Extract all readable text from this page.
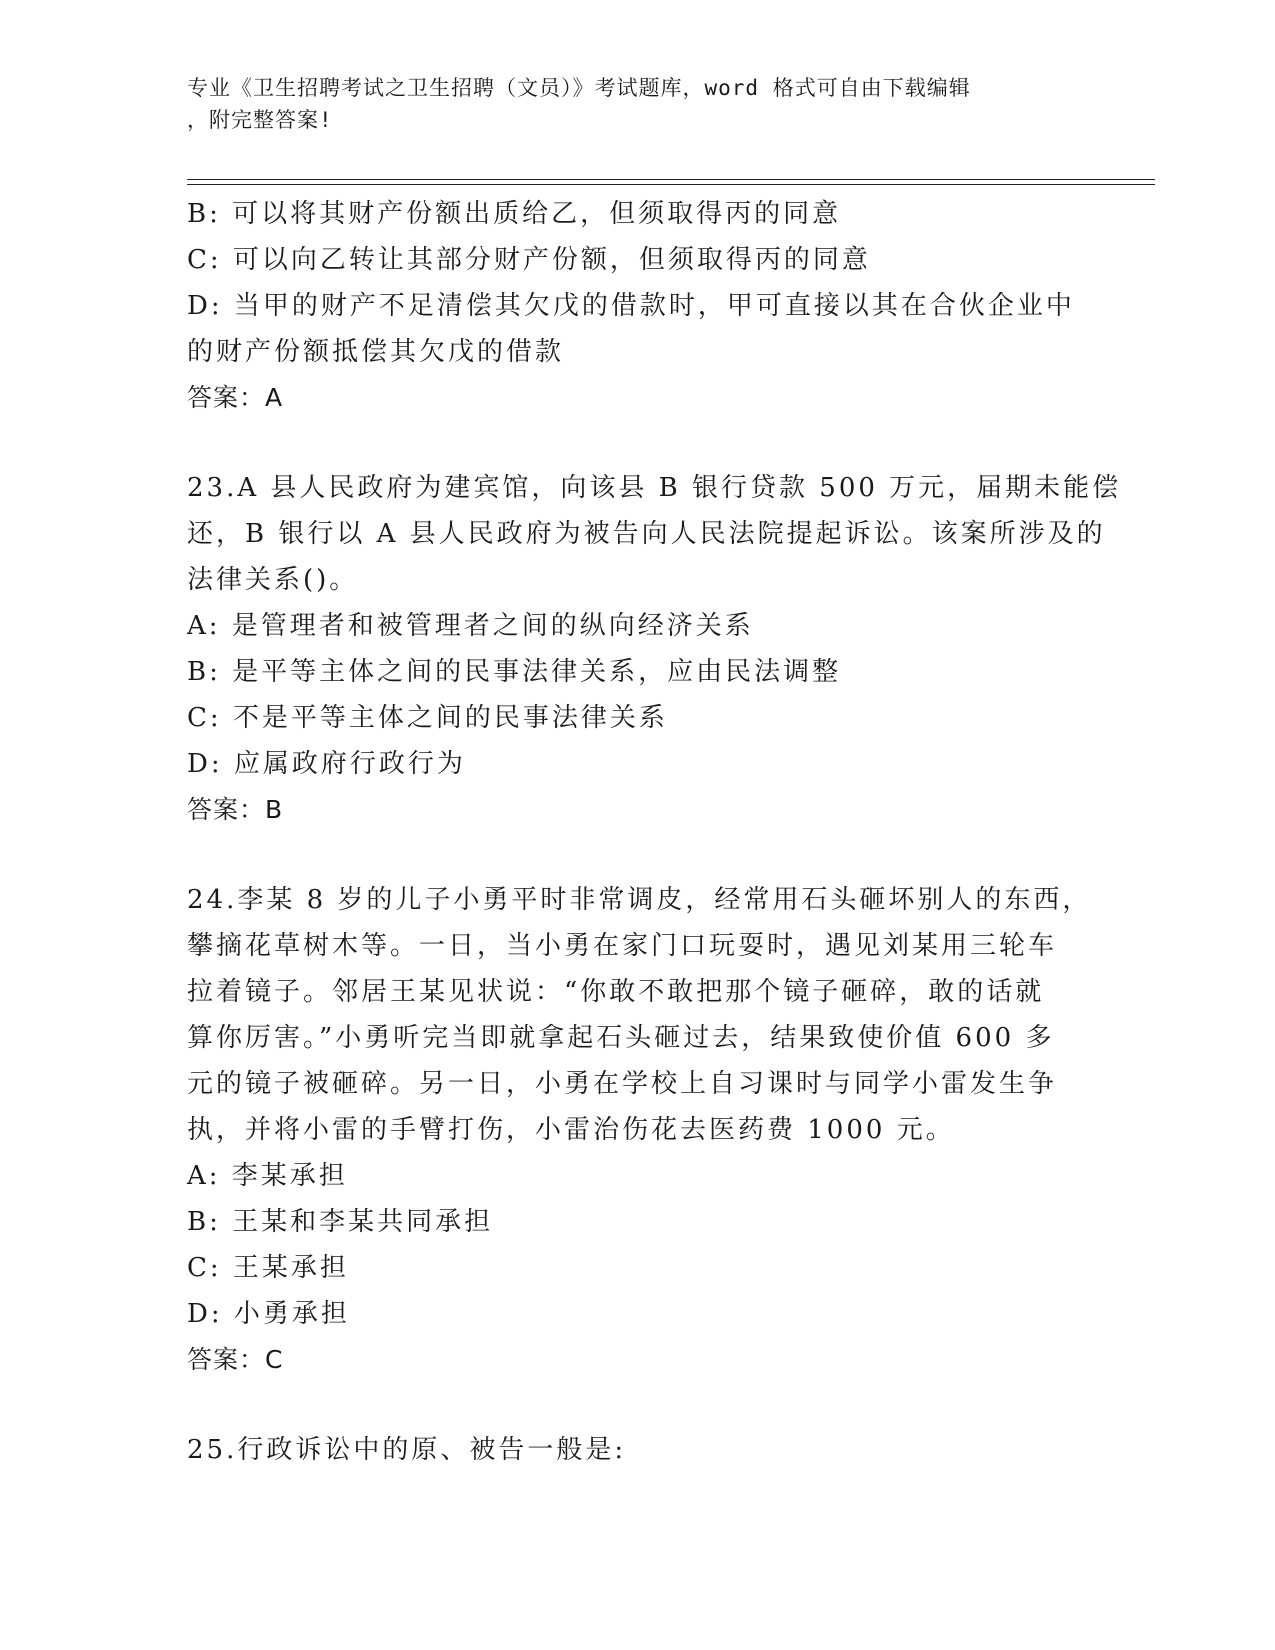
专业《卫生招聘考试之卫生招聘（文员）》考试题库，word 格式可自由下载编辑
，附完整答案!
B: 可以将其财产份额出质给乙，但须取得丙的同意
C: 可以向乙转让其部分财产份额，但须取得丙的同意
D: 当甲的财产不足清偿其欠戊的借款时，甲可直接以其在合伙企业中
的财产份额抵偿其欠戊的借款
答案：A
23.A 县人民政府为建宾馆，向该县 B 银行贷款 500 万元，届期未能偿
还，B 银行以 A 县人民政府为被告向人民法院提起诉讼。该案所涉及的
法律关系()。
A: 是管理者和被管理者之间的纵向经济关系
B: 是平等主体之间的民事法律关系，应由民法调整
C: 不是平等主体之间的民事法律关系
D: 应属政府行政行为
答案：B
24.李某 8 岁的儿子小勇平时非常调皮，经常用石头砸坏别人的东西，
攀摘花草树木等。一日，当小勇在家门口玩耍时，遇见刘某用三轮车
拉着镜子。邻居王某见状说：“你敢不敢把那个镜子砸碎，敢的话就
算你厉害。”小勇听完当即就拿起石头砸过去，结果致使价值 600 多
元的镜子被砸碎。另一日，小勇在学校上自习课时与同学小雷发生争
执，并将小雷的手臂打伤，小雷治伤花去医药费 1000 元。
A: 李某承担
B: 王某和李某共同承担
C: 王某承担
D: 小勇承担
答案：C
25.行政诉讼中的原、被告一般是:
